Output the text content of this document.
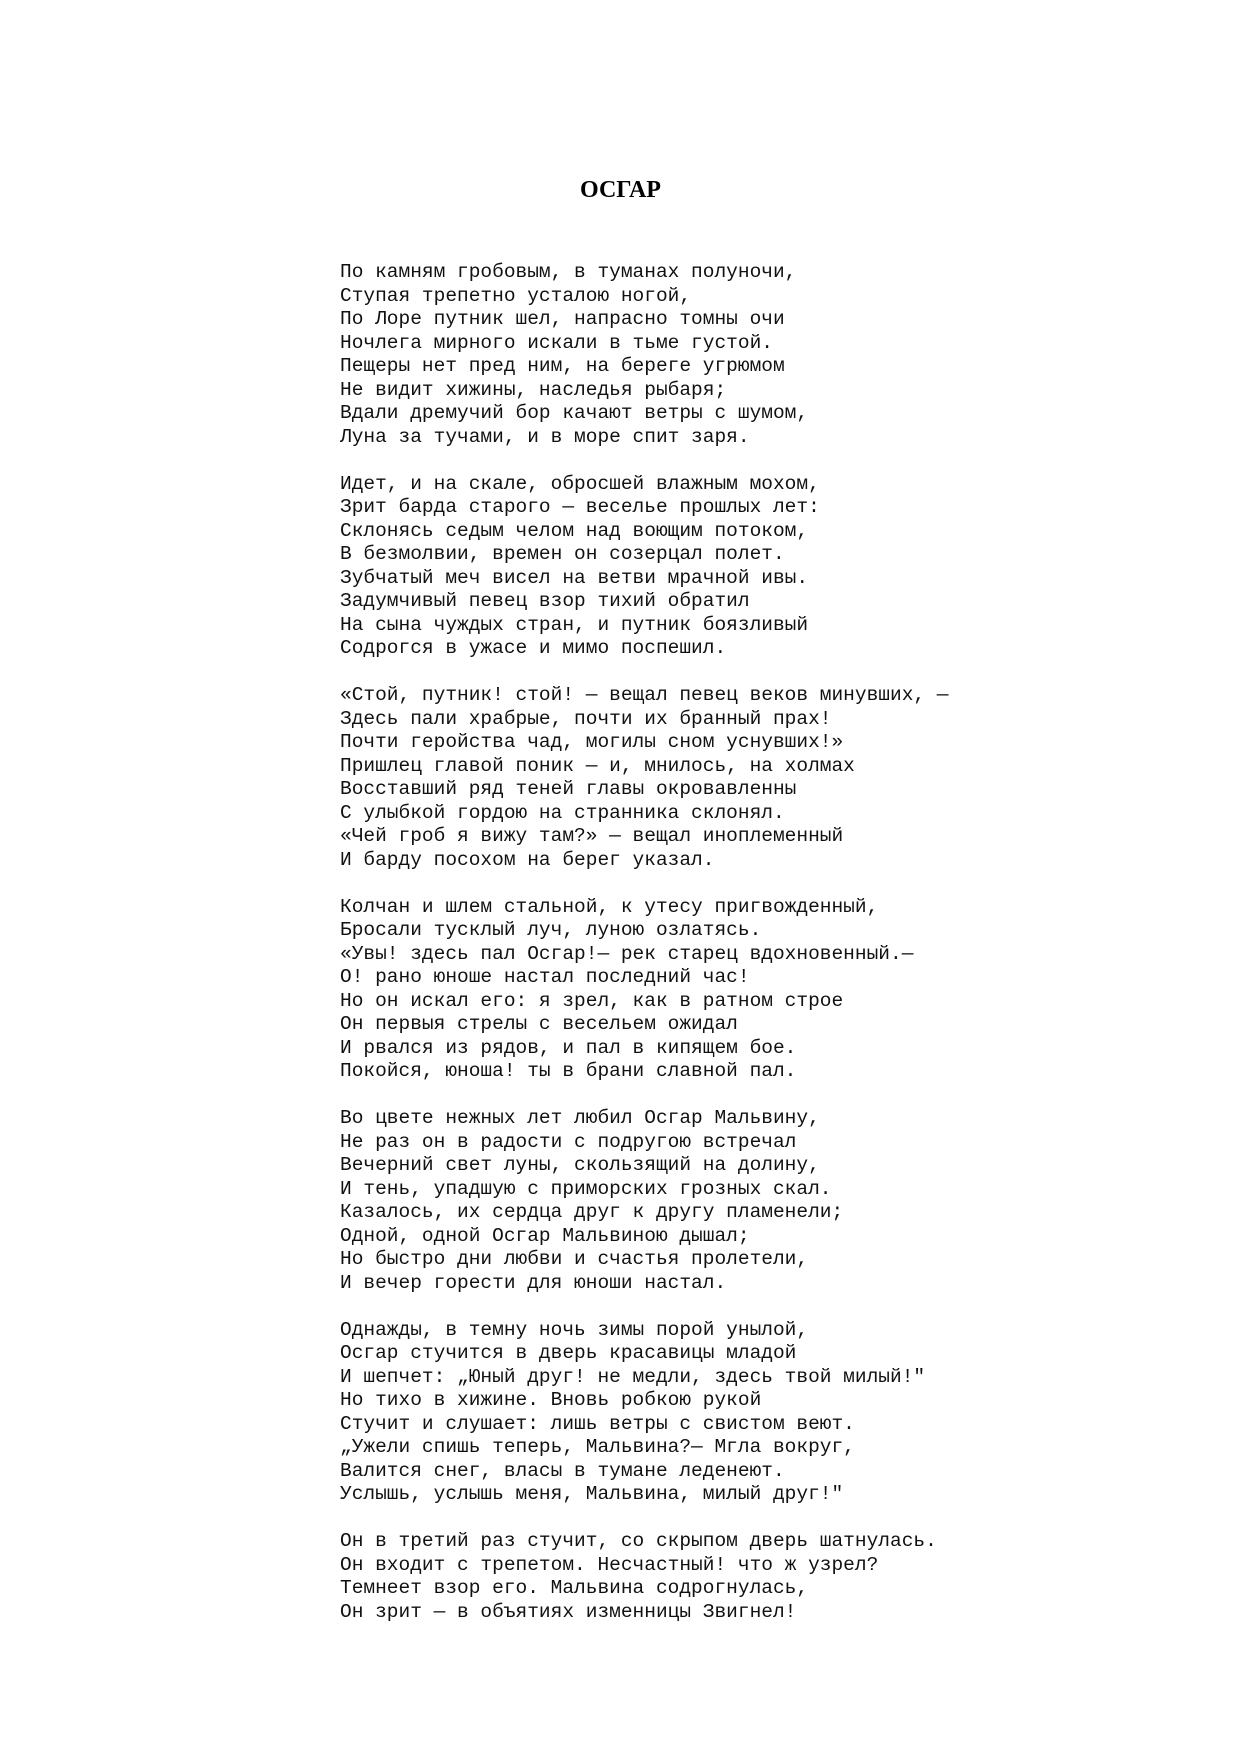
ОСГАР
По камням гробовым, в туманах полуночи,
Ступая трепетно усталою ногой,
По Лоре путник шел, напрасно томны очи
Ночлега мирного искали в тьме густой.
Пещеры нет пред ним, на береге угрюмом
Не видит хижины, наследья рыбаря;
Вдали дремучий бор качают ветры с шумом,
Луна за тучами, и в море спит заря.
Идет, и на скале, обросшей влажным мохом,
Зрит барда старого — веселье прошлых лет:
Склонясь седым челом над воющим потоком,
В безмолвии, времен он созерцал полет.
Зубчатый меч висел на ветви мрачной ивы.
Задумчивый певец взор тихий обратил
На сына чуждых стран, и путник боязливый
Содрогся в ужасе и мимо поспешил.
«Стой, путник! стой! — вещал певец веков минувших, —
Здесь пали храбрые, почти их бранный прах!
Почти геройства чад, могилы сном уснувших!»
Пришлец главой поник — и, мнилось, на холмах
Восставший ряд теней главы окровавленны
С улыбкой гордою на странника склонял.
«Чей гроб я вижу там?» — вещал иноплеменный
И барду посохом на берег указал.
Колчан и шлем стальной, к утесу пригвожденный,
Бросали тусклый луч, луною озлатясь.
«Увы! здесь пал Осгар!— рек старец вдохновенный.—
О! рано юноше настал последний час!
Но он искал его: я зрел, как в ратном строе
Он первыя стрелы с весельем ожидал
И рвался из рядов, и пал в кипящем бое.
Покойся, юноша! ты в брани славной пал.
Во цвете нежных лет любил Осгар Мальвину,
Не раз он в радости с подругою встречал
Вечерний свет луны, скользящий на долину,
И тень, упадшую с приморских грозных скал.
Казалось, их сердца друг к другу пламенели;
Одной, одной Осгар Мальвиною дышал;
Но быстро дни любви и счастья пролетели,
И вечер горести для юноши настал.
Однажды, в темну ночь зимы порой унылой,
Осгар стучится в дверь красавицы младой
И шепчет: „Юный друг! не медли, здесь твой милый!"
Но тихо в хижине. Вновь робкою рукой
Стучит и слушает: лишь ветры с свистом веют.
„Ужели спишь теперь, Мальвина?— Мгла вокруг,
Валится снег, власы в тумане леденеют.
Услышь, услышь меня, Мальвина, милый друг!"
Он в третий раз стучит, со скрыпом дверь шатнулась.
Он входит с трепетом. Несчастный! что ж узрел?
Темнеет взор его. Мальвина содрогнулась,
Он зрит — в объятиях изменницы Звигнел!
